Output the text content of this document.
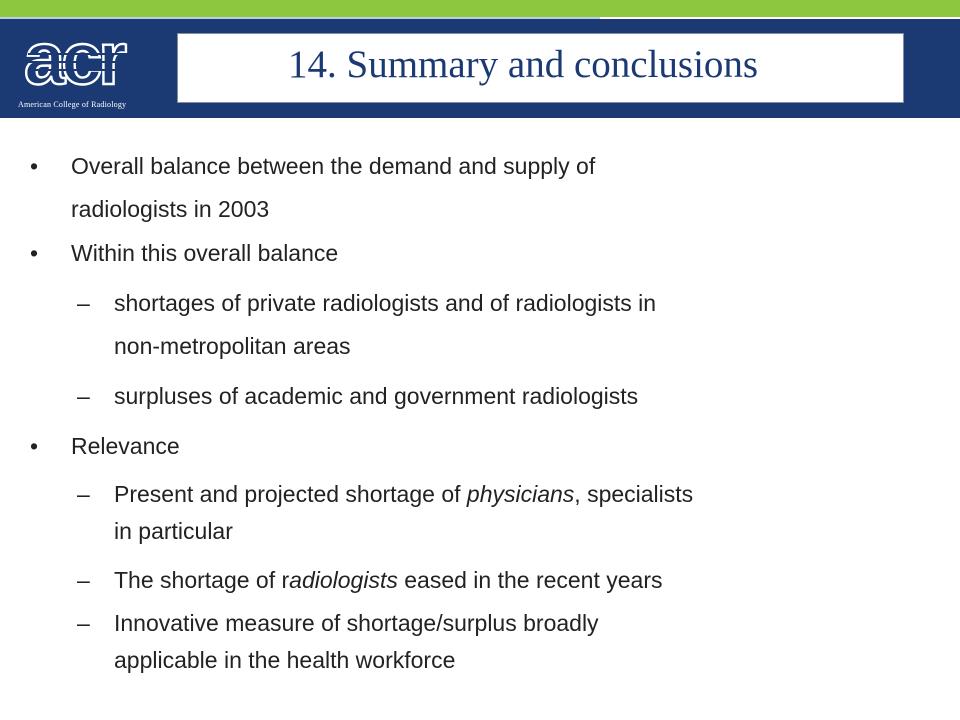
acr
American College of Radiology
14. Summary and conclusions
• Overall balance between the demand and supply of
radiologists in 2003
• Within this overall balance
– shortages of private radiologists and of radiologists in
non-metropolitan areas
– surpluses of academic and government radiologists
• Relevance
– Present and projected shortage of physicians, specialists
in particular
– The shortage of radiologists eased in the recent years
– Innovative measure of shortage/surplus broadly
applicable in the health workforce
